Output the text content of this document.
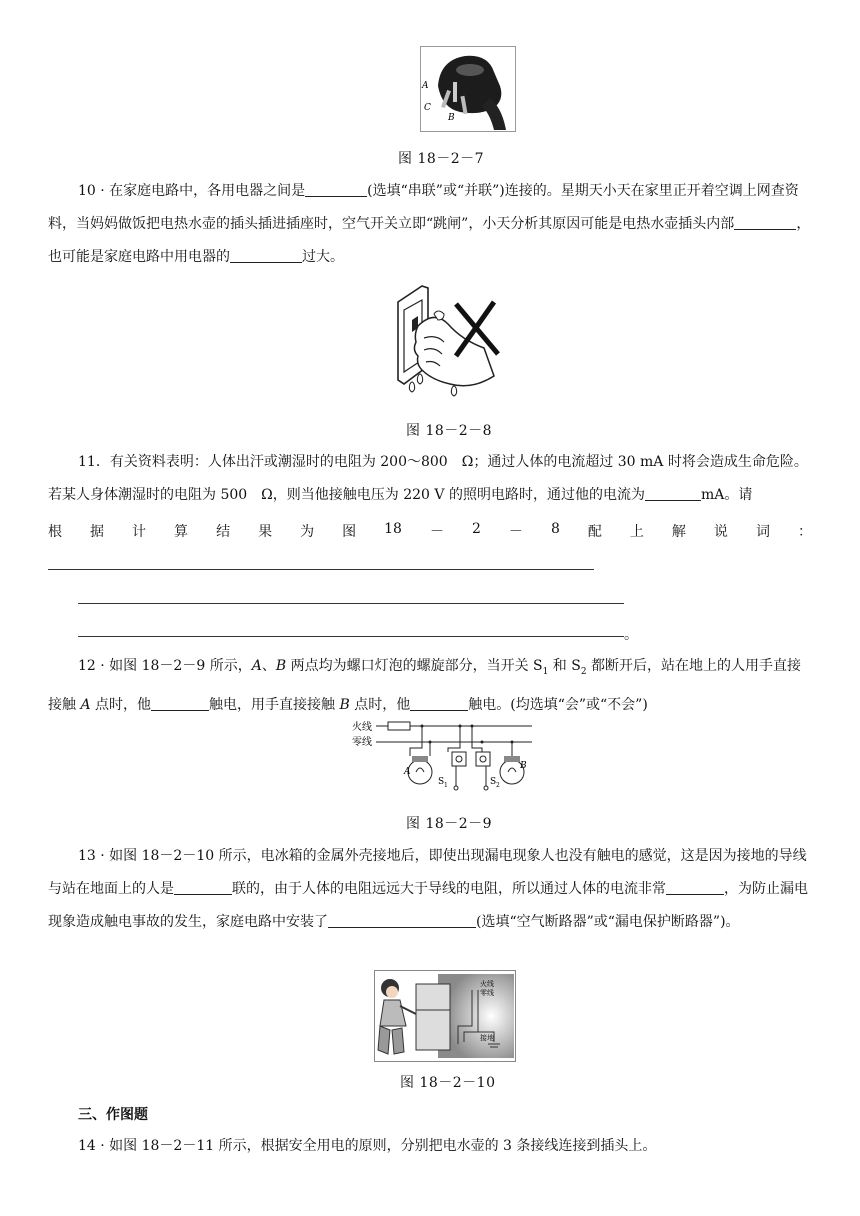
A
C
B
图 18－2－7
10 · 在家庭电路中，各用电器之间是	(选填“串联”或“并联”)连接的。星期天小天在家里正开着空调上网查资料，当妈妈做饭把电热水壶的插头插进插座时，空气开关立即“跳闸”，小天分析其原因可能是电热水壶插头内部	，也可能是家庭电路中用电器的	过大。
图 18－2－8
11．有关资料表明：人体出汗或潮湿时的电阻为 200～800　Ω；通过人体的电流超过 30 mA 时将会造成生命危险。若某人身体潮湿时的电阻为 500　Ω，则当他接触电压为 220 V 的照明电路时，通过他的电流为	mA。请
根 据 计 算 结 果 为 图 18 － 2 － 8 配 上 解 说 词 ：
。
12 · 如图 18－2－9 所示，A、B 两点均为螺口灯泡的螺旋部分，当开关 $S_1$ 和 $S_2$ 都断开后，站在地上的人用手直接接触 A 点时，他	触电，用手直接接触 B 点时，他	触电。(均选填“会”或“不会”)
火线
零线
S 1	S 2
A
B
图 18－2－9
13 · 如图 18－2－10 所示，电冰箱的金属外壳接地后，即使出现漏电现象人也没有触电的感觉，这是因为接地的导线与站在地面上的人是	联的，由于人体的电阻远远大于导线的电阻，所以通过人体的电流非常	，为防止漏电现象造成触电事故的发生，家庭电路中安装了	(选填“空气断路器”或“漏电保护断路器”)。
火线
零线
接地
图 18－2－10
三、作图题
14 · 如图 18－2－11 所示，根据安全用电的原则，分别把电水壶的 3 条接线连接到插头上。
